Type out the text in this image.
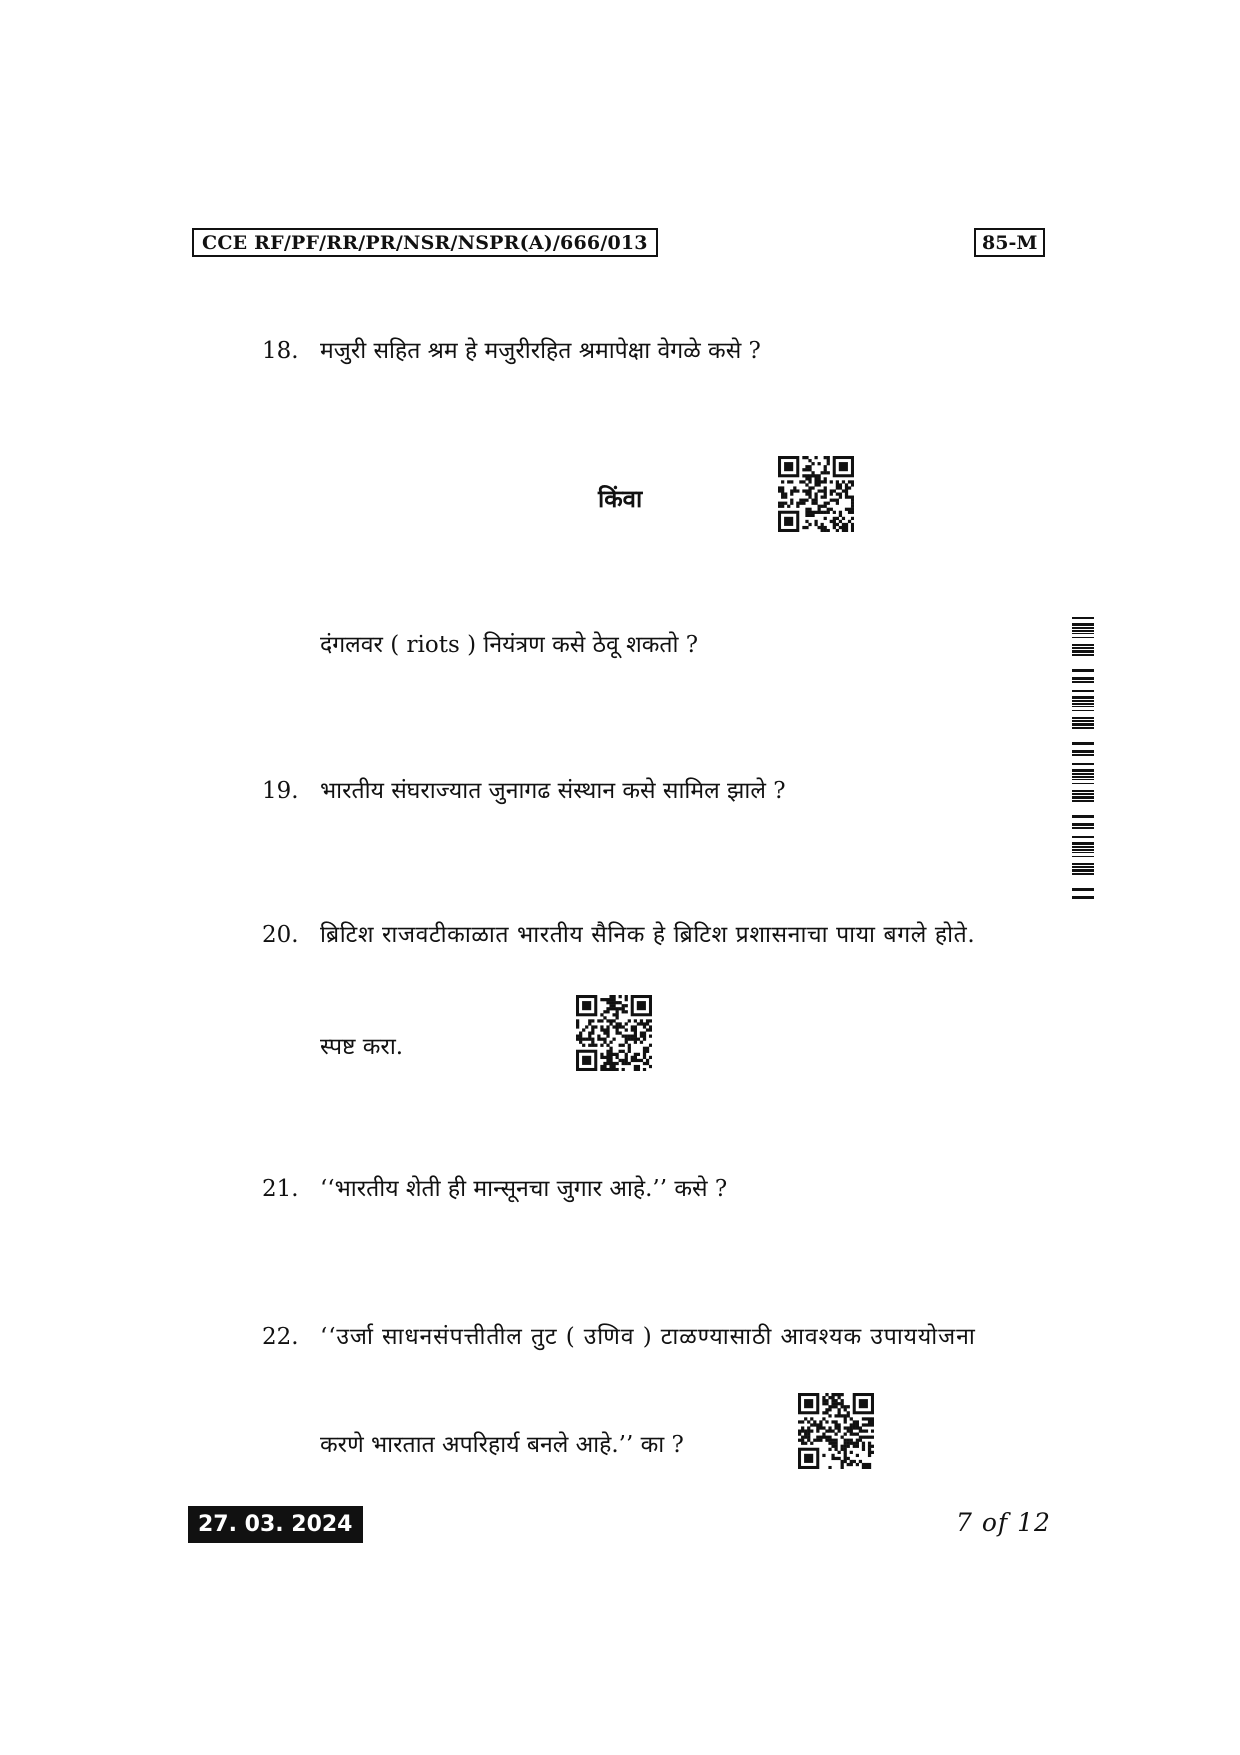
CCE RF/PF/RR/PR/NSR/NSPR(A)/666/013	85-M
18. मजुरी सहित श्रम हे मजुरीरहित श्रमापेक्षा वेगळे कसे ?
किंवा
दंगलवर ( riots ) नियंत्रण कसे ठेवू शकतो ?
19. भारतीय संघराज्यात जुनागढ संस्थान कसे सामिल झाले ?
20. ब्रिटिश राजवटीकाळात भारतीय सैनिक हे ब्रिटिश प्रशासनाचा पाया बगले होते.
स्पष्ट करा.
21. ‘‘भारतीय शेती ही मान्सूनचा जुगार आहे.’’ कसे ?
22. ‘‘उर्जा साधनसंपत्तीतील तुट ( उणिव ) टाळण्यासाठी आवश्यक उपाययोजना
करणे भारतात अपरिहार्य बनले आहे.’’ का ?
27. 03. 2024	7 of 12
